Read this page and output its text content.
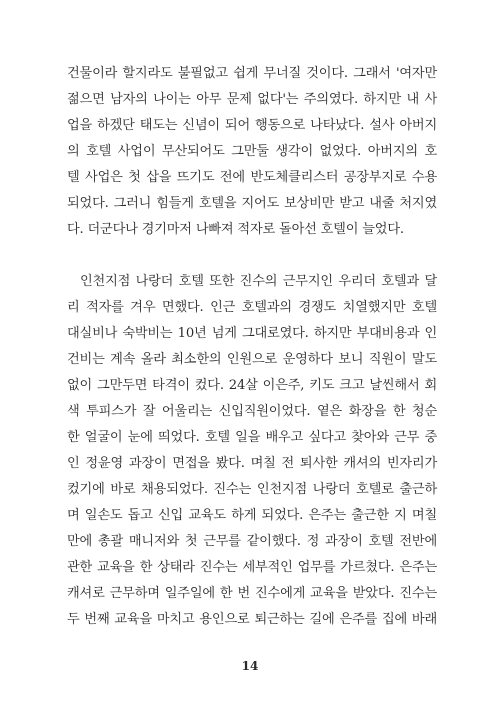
건물이라 할지라도 불필없고 쉽게 무너질 것이다. 그래서 '여자만
젊으면 남자의 나이는 아무 문제 없다'는 주의였다. 하지만 내 사
업을 하겠단 태도는 신념이 되어 행동으로 나타났다. 설사 아버지
의 호텔 사업이 무산되어도 그만둘 생각이 없었다. 아버지의 호
텔 사업은 첫 삽을 뜨기도 전에 반도체클리스터 공장부지로 수용
되었다. 그러니 힘들게 호텔을 지어도 보상비만 받고 내줄 처지였
다. 더군다나 경기마저 나빠져 적자로 돌아선 호텔이 늘었다.
인천지점 나랑더 호텔 또한 진수의 근무지인 우리더 호텔과 달
리 적자를 겨우 면했다. 인근 호텔과의 경쟁도 치열했지만 호텔
대실비나 숙박비는 10년 넘게 그대로였다. 하지만 부대비용과 인
건비는 계속 올라 최소한의 인원으로 운영하다 보니 직원이 말도
없이 그만두면 타격이 컸다. 24살 이은주, 키도 크고 날씬해서 회
색 투피스가 잘 어울리는 신입직원이었다. 옅은 화장을 한 청순
한 얼굴이 눈에 띄었다. 호텔 일을 배우고 싶다고 찾아와 근무 중
인 정윤영 과장이 면접을 봤다. 며칠 전 퇴사한 캐셔의 빈자리가
컸기에 바로 채용되었다. 진수는 인천지점 나랑더 호텔로 출근하
며 일손도 돕고 신입 교육도 하게 되었다. 은주는 출근한 지 며칠
만에 총괄 매니저와 첫 근무를 같이했다. 정 과장이 호텔 전반에
관한 교육을 한 상태라 진수는 세부적인 업무를 가르쳤다. 은주는
캐셔로 근무하며 일주일에 한 번 진수에게 교육을 받았다. 진수는
두 번째 교육을 마치고 용인으로 퇴근하는 길에 은주를 집에 바래
14
